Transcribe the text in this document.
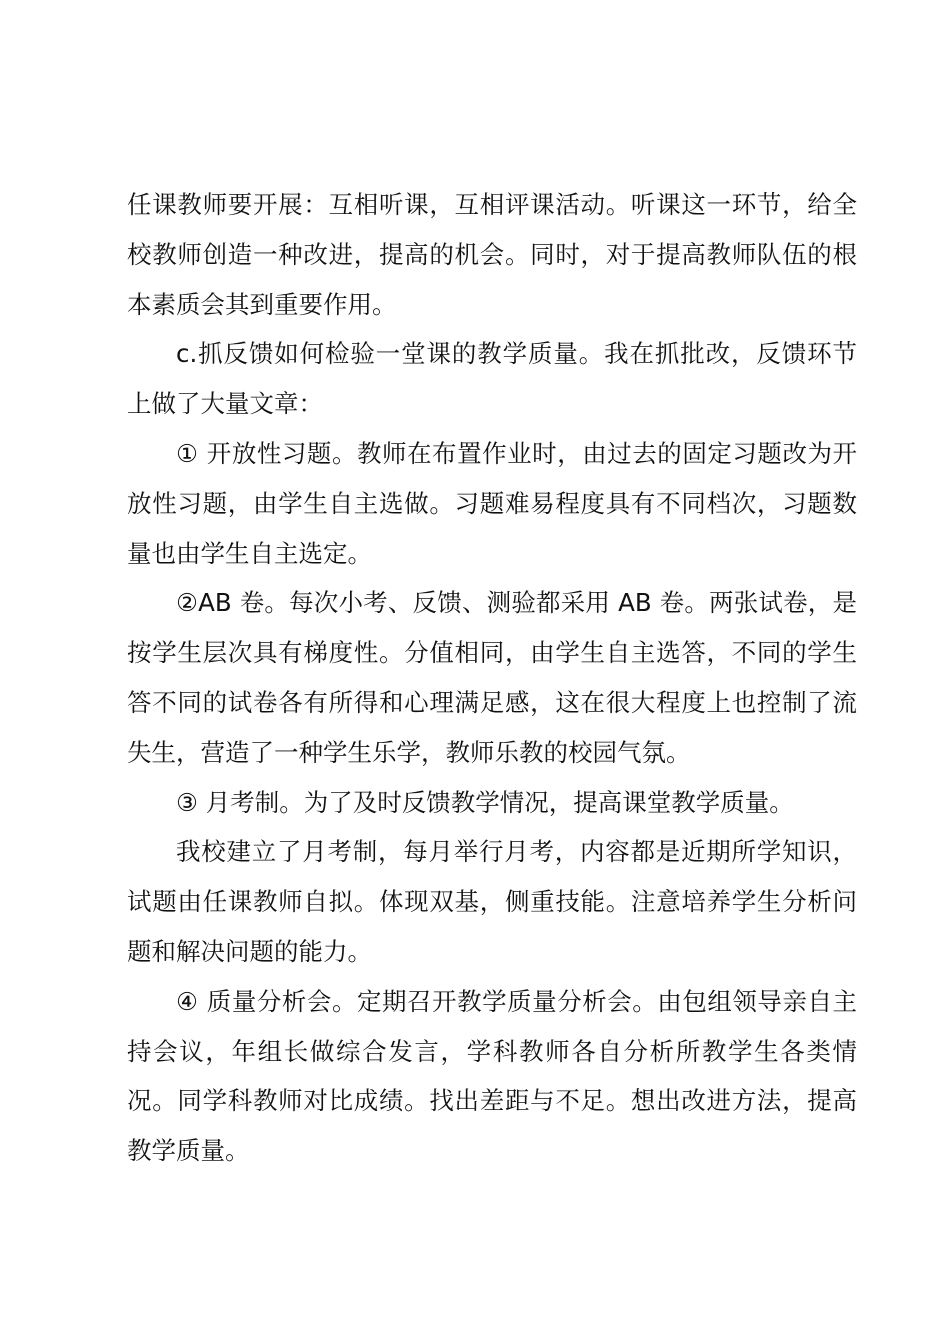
任课教师要开展：互相听课，互相评课活动。听课这一环节，给全校教师创造一种改进，提高的机会。同时，对于提高教师队伍的根本素质会其到重要作用。

c.抓反馈如何检验一堂课的教学质量。我在抓批改，反馈环节上做了大量文章：

① 开放性习题。教师在布置作业时，由过去的固定习题改为开放性习题，由学生自主选做。习题难易程度具有不同档次，习题数量也由学生自主选定。

②AB 卷。每次小考、反馈、测验都采用 AB 卷。两张试卷，是按学生层次具有梯度性。分值相同，由学生自主选答，不同的学生答不同的试卷各有所得和心理满足感，这在很大程度上也控制了流失生，营造了一种学生乐学，教师乐教的校园气氛。

③ 月考制。为了及时反馈教学情况，提高课堂教学质量。

我校建立了月考制，每月举行月考，内容都是近期所学知识，试题由任课教师自拟。体现双基，侧重技能。注意培养学生分析问题和解决问题的能力。

④ 质量分析会。定期召开教学质量分析会。由包组领导亲自主持会议，年组长做综合发言，学科教师各自分析所教学生各类情况。同学科教师对比成绩。找出差距与不足。想出改进方法，提高教学质量。
